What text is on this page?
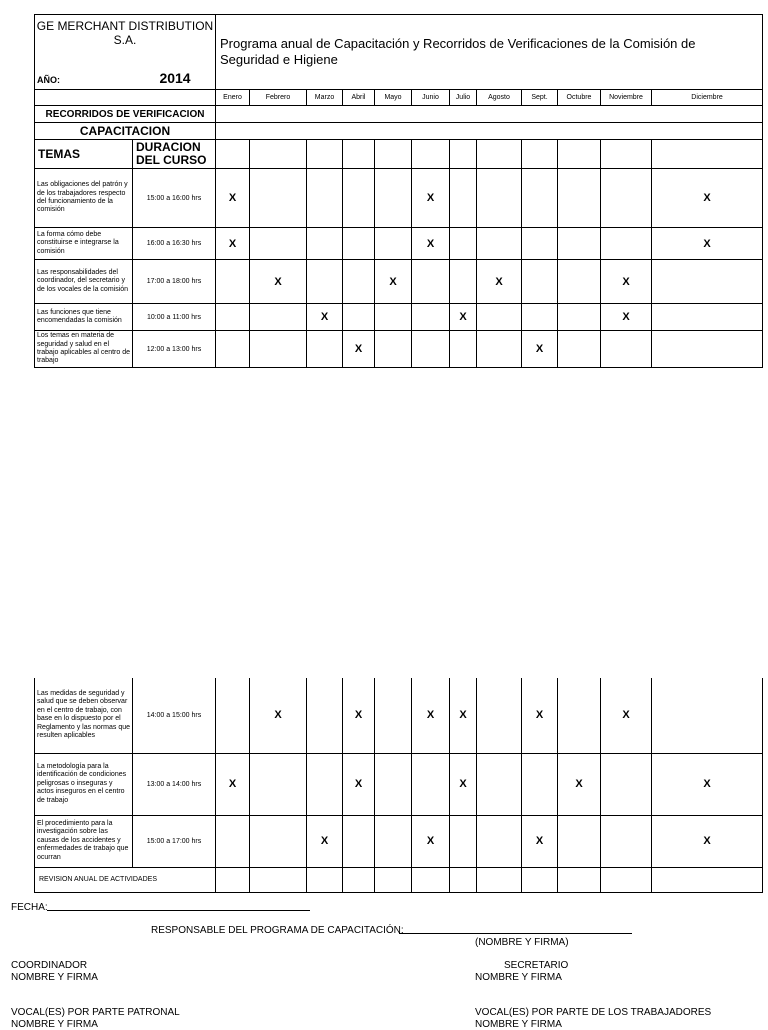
GE MERCHANT DISTRIBUTION S.A.		Programa anual de Capacitación y Recorridos de Verificaciones de la Comisión de Seguridad e Higiene											
AÑO: 2014													
		Enero	Febrero	Marzo	Abril	Mayo	Junio	Julio	Agosto	Sept.	Octubre	Noviembre	Diciembre
RECORRIDOS DE VERIFICACION													
CAPACITACION													
TEMAS	DURACION DEL CURSO												
Las obligaciones del patrón y de los trabajadores respecto del funcionamiento de la comisión	15:00 a 16:00 hrs	X					X						X
La forma cómo debe constituirse e integrarse la comisión	16:00 a 16:30 hrs	X					X						X
Las responsabilidades del coordinador, del secretario y de los vocales de la comisión	17:00 a 18:00 hrs		X			X			X			X	
Las funciones que tiene encomendadas la comisión	10:00 a 11:00 hrs			X				X				X	
Los temas en materia de seguridad y salud en el trabajo aplicables al centro de trabajo	12:00 a 13:00 hrs				X					X			
Las medidas de seguridad y salud que se deben observar en el centro de trabajo, con base en lo dispuesto por el Reglamento y las normas que resulten aplicables	14:00 a 15:00 hrs		X		X		X	X		X		X	
La metodología para la identificación de condiciones peligrosas o inseguras y actos inseguros en el centro de trabajo	13:00 a 14:00 hrs	X			X			X			X		X
El procedimiento para la investigación sobre las causas de los accidentes y enfermedades de trabajo que ocurran	15:00 a 17:00 hrs			X			X			X			X
REVISION ANUAL DE ACTIVIDADES													
FECHA:
RESPONSABLE DEL PROGRAMA DE CAPACITACIÓN:
(NOMBRE Y FIRMA)
COORDINADOR
NOMBRE Y FIRMA
SECRETARIO
NOMBRE Y FIRMA
VOCAL(ES) POR PARTE PATRONAL
NOMBRE Y FIRMA
VOCAL(ES) POR PARTE DE LOS TRABAJADORES
NOMBRE Y FIRMA
